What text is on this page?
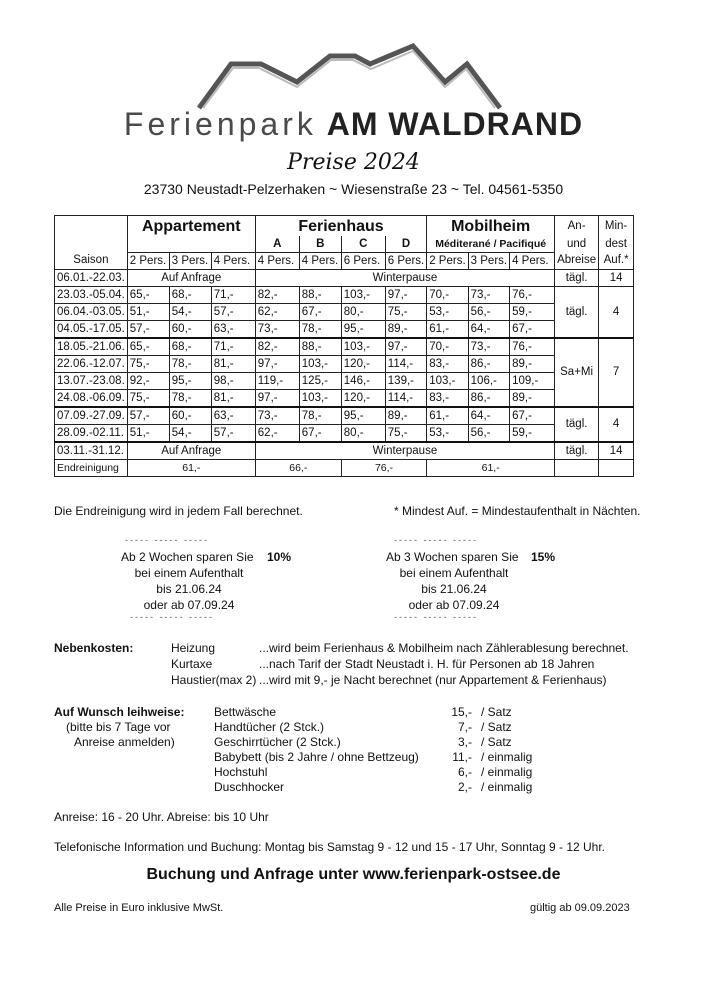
Ferienpark AM WALDRAND
Preise 2024
23730 Neustadt-Pelzerhaken ~ Wiesenstraße 23 ~ Tel. 04561-5350
	Appartement			Ferienhaus				Mobilheim			An-	Min-
				A	B	C	D	Méditerané / Pacifiqué			und	dest
Saison	2 Pers.	3 Pers.	4 Pers.	4 Pers.	4 Pers.	6 Pers.	6 Pers.	2 Pers.	3 Pers.	4 Pers.	Abreise	Auf.*
06.01.-22.03.	Auf Anfrage			Winterpause							tägl.	14
23.03.-05.04.	65,-	68,-	71,-	82,-	88,-	103,-	97,-	70,-	73,-	76,-	tägl.	4
06.04.-03.05.	51,-	54,-	57,-	62,-	67,-	80,-	75,-	53,-	56,-	59,-		
04.05.-17.05.	57,-	60,-	63,-	73,-	78,-	95,-	89,-	61,-	64,-	67,-		
18.05.-21.06.	65,-	68,-	71,-	82,-	88,-	103,-	97,-	70,-	73,-	76,-	Sa+Mi	7
22.06.-12.07.	75,-	78,-	81,-	97,-	103,-	120,-	114,-	83,-	86,-	89,-		
13.07.-23.08.	92,-	95,-	98,-	119,-	125,-	146,-	139,-	103,-	106,-	109,-		
24.08.-06.09.	75,-	78,-	81,-	97,-	103,-	120,-	114,-	83,-	86,-	89,-		
07.09.-27.09.	57,-	60,-	63,-	73,-	78,-	95,-	89,-	61,-	64,-	67,-	tägl.	4
28.09.-02.11.	51,-	54,-	57,-	62,-	67,-	80,-	75,-	53,-	56,-	59,-		
03.11.-31.12.	Auf Anfrage			Winterpause							tägl.	14
Endreinigung	61,-			66,-		76,-		61,-				
Die Endreinigung wird in jedem Fall berechnet.	* Mindest Auf. = Mindestaufenthalt in Nächten.
----- ----- -----
Ab 2 Wochen sparen Sie 10%
bei einem Aufenthalt
bis 21.06.24
oder ab 07.09.24
----- ----- -----
----- ----- -----
Ab 3 Wochen sparen Sie 15%
bei einem Aufenthalt
bis 21.06.24
oder ab 07.09.24
----- ----- -----
Nebenkosten:	Heizung	...wird beim Ferienhaus & Mobilheim nach Zählerablesung berechnet.
Kurtaxe	...nach Tarif der Stadt Neustadt i. H. für Personen ab 18 Jahren
Haustier(max 2) ...wird mit 9,- je Nacht berechnet (nur Appartement & Ferienhaus)
Auf Wunsch leihweise:
(bitte bis 7 Tage vor
Anreise anmelden)
Bettwäsche	15,- / Satz
Handtücher (2 Stck.)	7,- / Satz
Geschirrtücher (2 Stck.)	3,- / Satz
Babybett (bis 2 Jahre / ohne Bettzeug)	11,- / einmalig
Hochstuhl	6,- / einmalig
Duschhocker	2,- / einmalig
Anreise: 16 - 20 Uhr. Abreise: bis 10 Uhr
Telefonische Information und Buchung: Montag bis Samstag 9 - 12 und 15 - 17 Uhr, Sonntag 9 - 12 Uhr.
Buchung und Anfrage unter www.ferienpark-ostsee.de
Alle Preise in Euro inklusive MwSt.	gültig ab 09.09.2023
